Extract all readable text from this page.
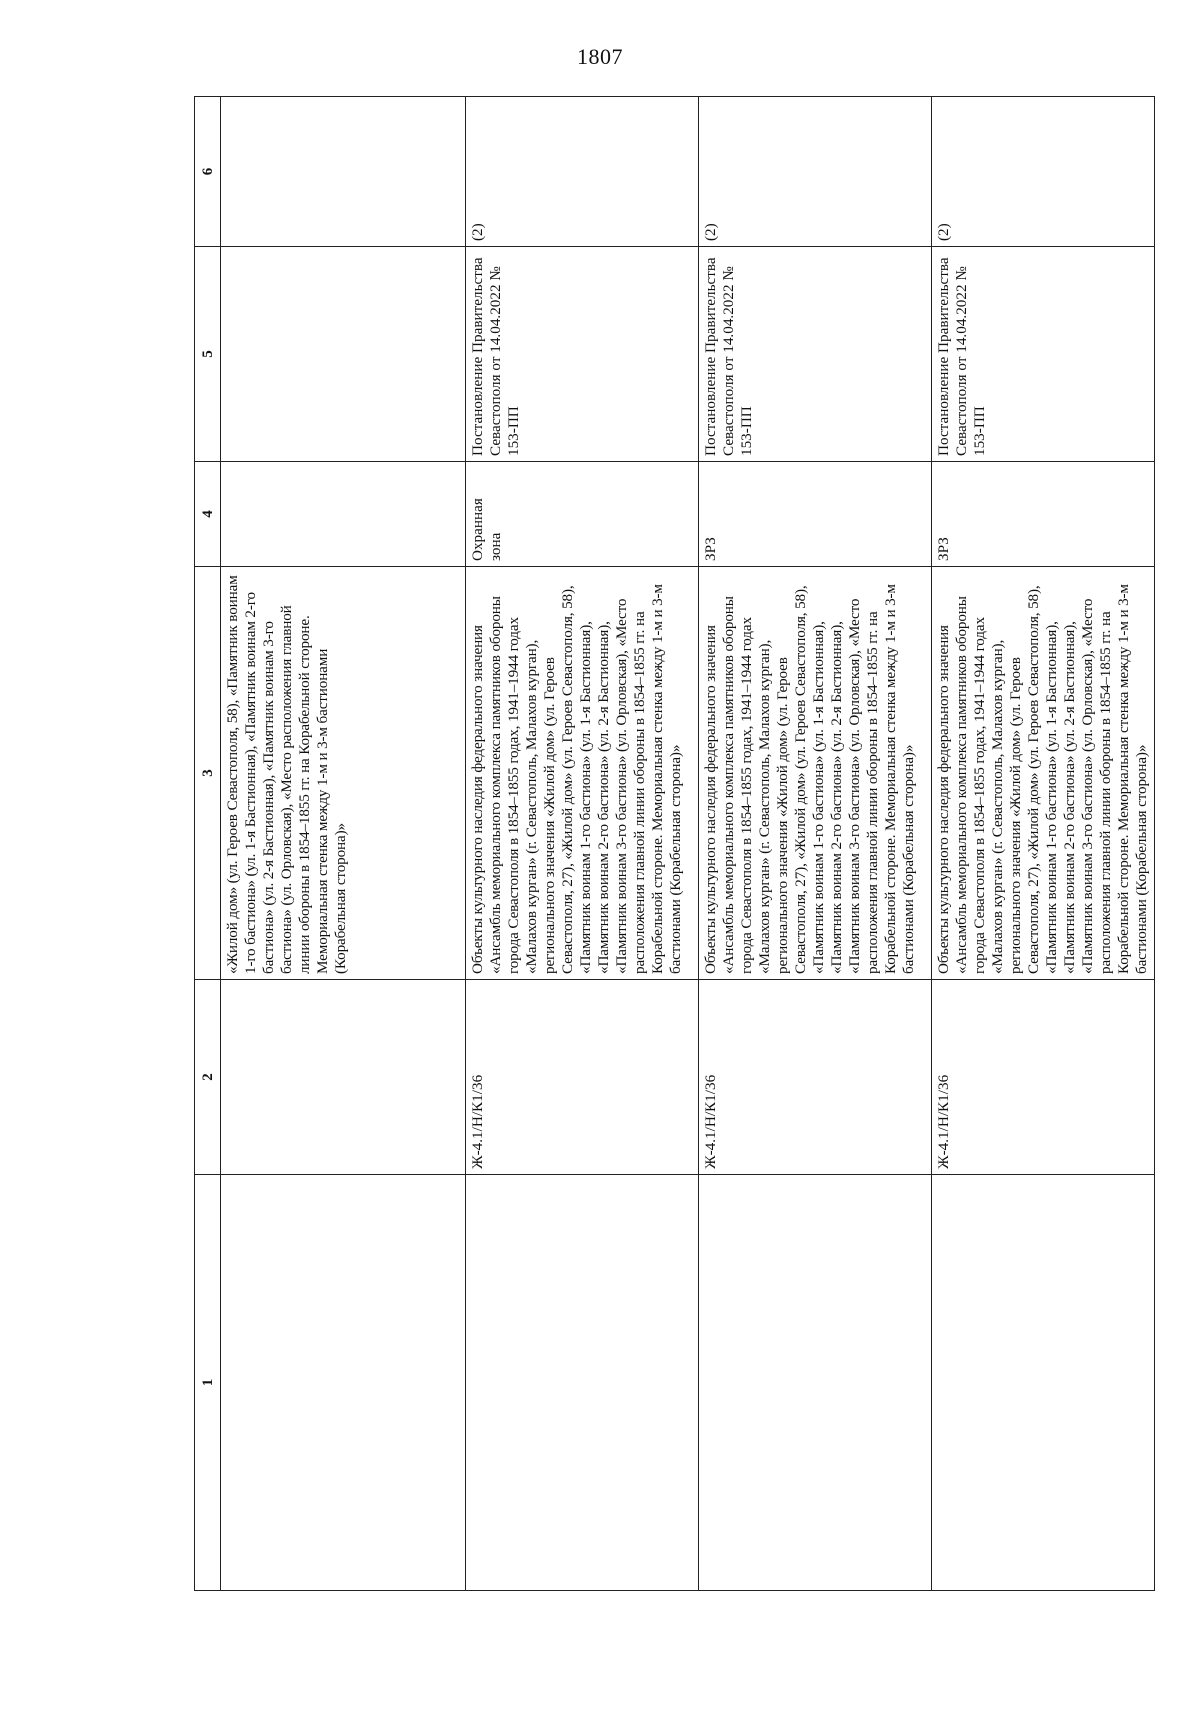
1807
1	2	3	4	5	6
		«Жилой дом» (ул. Героев Севастополя, 58), «Памятник воинам 1-го бастиона» (ул. 1-я Бастионная), «Памятник воинам 2-го бастиона» (ул. 2-я Бастионная), «Памятник воинам 3-го бастиона» (ул. Орловская), «Место расположения главной линии обороны в 1854–1855 гг. на Корабельной стороне. Мемориальная стенка между 1-м и 3-м бастионами (Корабельная сторона)»			
	Ж-4.1/Н/К1/36	Объекты культурного наследия федерального значения «Ансамбль мемориального комплекса памятников обороны города Севастополя в 1854–1855 годах, 1941–1944 годах «Малахов курган» (г. Севастополь, Малахов курган), регионального значения «Жилой дом» (ул. Героев Севастополя, 27), «Жилой дом» (ул. Героев Севастополя, 58), «Памятник воинам 1-го бастиона» (ул. 1-я Бастионная), «Памятник воинам 2-го бастиона» (ул. 2-я Бастионная), «Памятник воинам 3-го бастиона» (ул. Орловская), «Место расположения главной линии обороны в 1854–1855 гг. на Корабельной стороне. Мемориальная стенка между 1-м и 3-м бастионами (Корабельная сторона)»	Охранная зона	Постановление Правительства Севастополя от 14.04.2022 № 153-ПП	(2)
	Ж-4.1/Н/К1/36	Объекты культурного наследия федерального значения «Ансамбль мемориального комплекса памятников обороны города Севастополя в 1854–1855 годах, 1941–1944 годах «Малахов курган» (г. Севастополь, Малахов курган), регионального значения «Жилой дом» (ул. Героев Севастополя, 27), «Жилой дом» (ул. Героев Севастополя, 58), «Памятник воинам 1-го бастиона» (ул. 1-я Бастионная), «Памятник воинам 2-го бастиона» (ул. 2-я Бастионная), «Памятник воинам 3-го бастиона» (ул. Орловская), «Место расположения главной линии обороны в 1854–1855 гг. на Корабельной стороне. Мемориальная стенка между 1-м и 3-м бастионами (Корабельная сторона)»	ЗРЗ	Постановление Правительства Севастополя от 14.04.2022 № 153-ПП	(2)
	Ж-4.1/Н/К1/36	Объекты культурного наследия федерального значения «Ансамбль мемориального комплекса памятников обороны города Севастополя в 1854–1855 годах, 1941–1944 годах «Малахов курган» (г. Севастополь, Малахов курган), регионального значения «Жилой дом» (ул. Героев Севастополя, 27), «Жилой дом» (ул. Героев Севастополя, 58), «Памятник воинам 1-го бастиона» (ул. 1-я Бастионная), «Памятник воинам 2-го бастиона» (ул. 2-я Бастионная), «Памятник воинам 3-го бастиона» (ул. Орловская), «Место расположения главной линии обороны в 1854–1855 гг. на Корабельной стороне. Мемориальная стенка между 1-м и 3-м бастионами (Корабельная сторона)»	ЗРЗ	Постановление Правительства Севастополя от 14.04.2022 № 153-ПП	(2)
